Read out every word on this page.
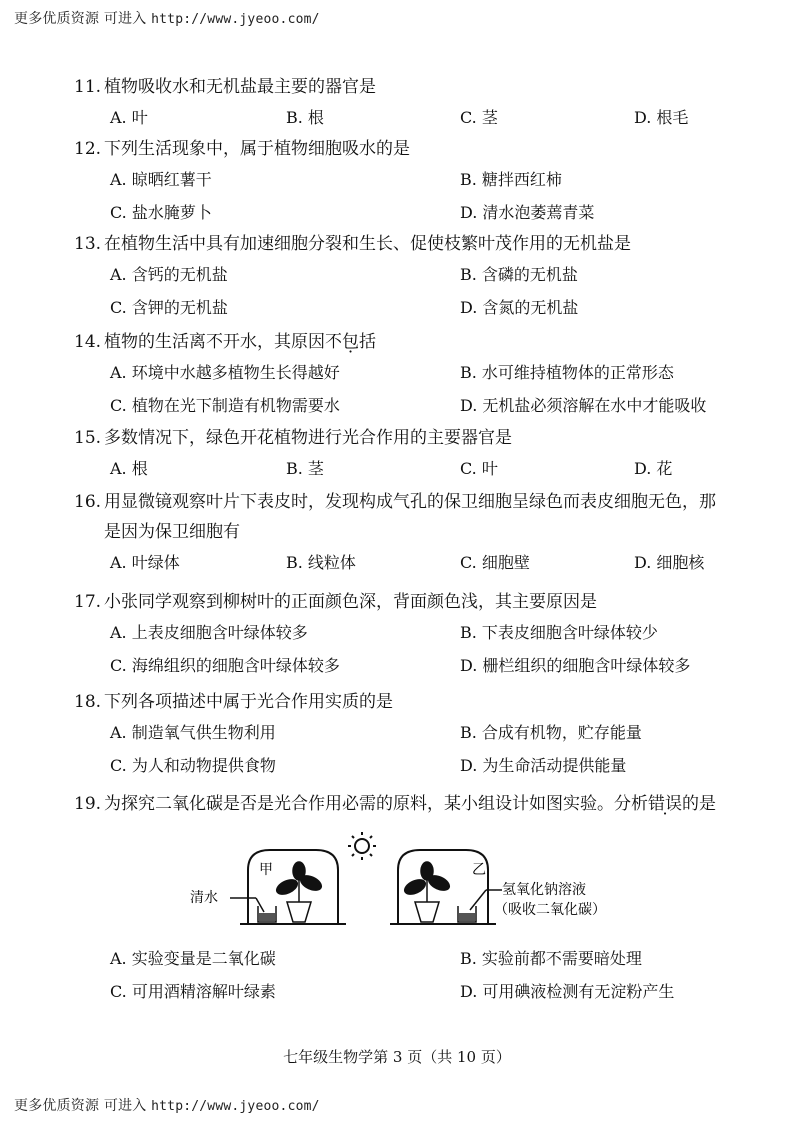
更多优质资源 可进入 http://www.jyeoo.com/
11. 植物吸收水和无机盐最主要的器官是
A. 叶	B. 根	C. 茎	D. 根毛
12. 下列生活现象中，属于植物细胞吸水的是
A. 晾晒红薯干	B. 糖拌西红柿
C. 盐水腌萝卜	D. 清水泡萎蔫青菜
13. 在植物生活中具有加速细胞分裂和生长、促使枝繁叶茂作用的无机盐是
A. 含钙的无机盐	B. 含磷的无机盐
C. 含钾的无机盐	D. 含氮的无机盐
14. 植物的生活离不开水，其原因不包括
A. 环境中水越多植物生长得越好	B. 水可维持植物体的正常形态
C. 植物在光下制造有机物需要水	D. 无机盐必须溶解在水中才能吸收
15. 多数情况下，绿色开花植物进行光合作用的主要器官是
A. 根	B. 茎	C. 叶	D. 花
16. 用显微镜观察叶片下表皮时，发现构成气孔的保卫细胞呈绿色而表皮细胞无色，那
是因为保卫细胞有
A. 叶绿体	B. 线粒体	C. 细胞壁	D. 细胞核
17. 小张同学观察到柳树叶的正面颜色深，背面颜色浅，其主要原因是
A. 上表皮细胞含叶绿体较多	B. 下表皮细胞含叶绿体较少
C. 海绵组织的细胞含叶绿体较多	D. 栅栏组织的细胞含叶绿体较多
18. 下列各项描述中属于光合作用实质的是
A. 制造氧气供生物利用	B. 合成有机物，贮存能量
C. 为人和动物提供食物	D. 为生命活动提供能量
19. 为探究二氧化碳是否是光合作用必需的原料，某小组设计如图实验。分析错误的是
清水
甲	乙
氢氧化钠溶液
（吸收二氧化碳）
A. 实验变量是二氧化碳	B. 实验前都不需要暗处理
C. 可用酒精溶解叶绿素	D. 可用碘液检测有无淀粉产生
七年级生物学第 3 页（共 10 页）
更多优质资源 可进入 http://www.jyeoo.com/
